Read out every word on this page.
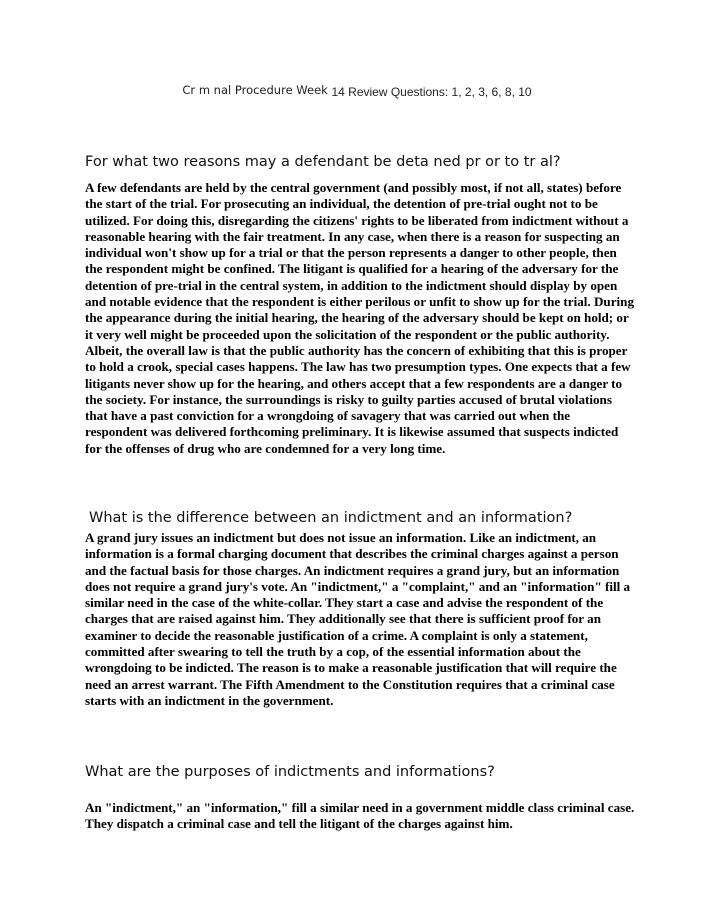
Cr m nal Procedure Week 14 Review Questions: 1, 2, 3, 6, 8, 10
For what two reasons may a defendant be deta ned pr or to tr al?

A few defendants are held by the central government (and possibly most, if not all, states) before the start of the trial. For prosecuting an individual, the detention of pre-trial ought not to be utilized. For doing this, disregarding the citizens' rights to be liberated from indictment without a reasonable hearing with the fair treatment. In any case, when there is a reason for suspecting an individual won't show up for a trial or that the person represents a danger to other people, then the respondent might be confined. The litigant is qualified for a hearing of the adversary for the detention of pre-trial in the central system, in addition to the indictment should display by open and notable evidence that the respondent is either perilous or unfit to show up for the trial. During the appearance during the initial hearing, the hearing of the adversary should be kept on hold; or it very well might be proceeded upon the solicitation of the respondent or the public authority. Albeit, the overall law is that the public authority has the concern of exhibiting that this is proper to hold a crook, special cases happens. The law has two presumption types. One expects that a few litigants never show up for the hearing, and others accept that a few respondents are a danger to the society. For instance, the surroundings is risky to guilty parties accused of brutal violations that have a past conviction for a wrongdoing of savagery that was carried out when the respondent was delivered forthcoming preliminary. It is likewise assumed that suspects indicted for the offenses of drug who are condemned for a very long time.

What is the difference between an indictment and an information?

A grand jury issues an indictment but does not issue an information. Like an indictment, an information is a formal charging document that describes the criminal charges against a person and the factual basis for those charges. An indictment requires a grand jury, but an information does not require a grand jury's vote. An "indictment," a "complaint," and an "information" fill a similar need in the case of the white-collar. They start a case and advise the respondent of the charges that are raised against him. They additionally see that there is sufficient proof for an examiner to decide the reasonable justification of a crime. A complaint is only a statement, committed after swearing to tell the truth by a cop, of the essential information about the wrongdoing to be indicted. The reason is to make a reasonable justification that will require the need an arrest warrant. The Fifth Amendment to the Constitution requires that a criminal case starts with an indictment in the government.

What are the purposes of indictments and informations?

An "indictment," an "information," fill a similar need in a government middle class criminal case. They dispatch a criminal case and tell the litigant of the charges against him.
